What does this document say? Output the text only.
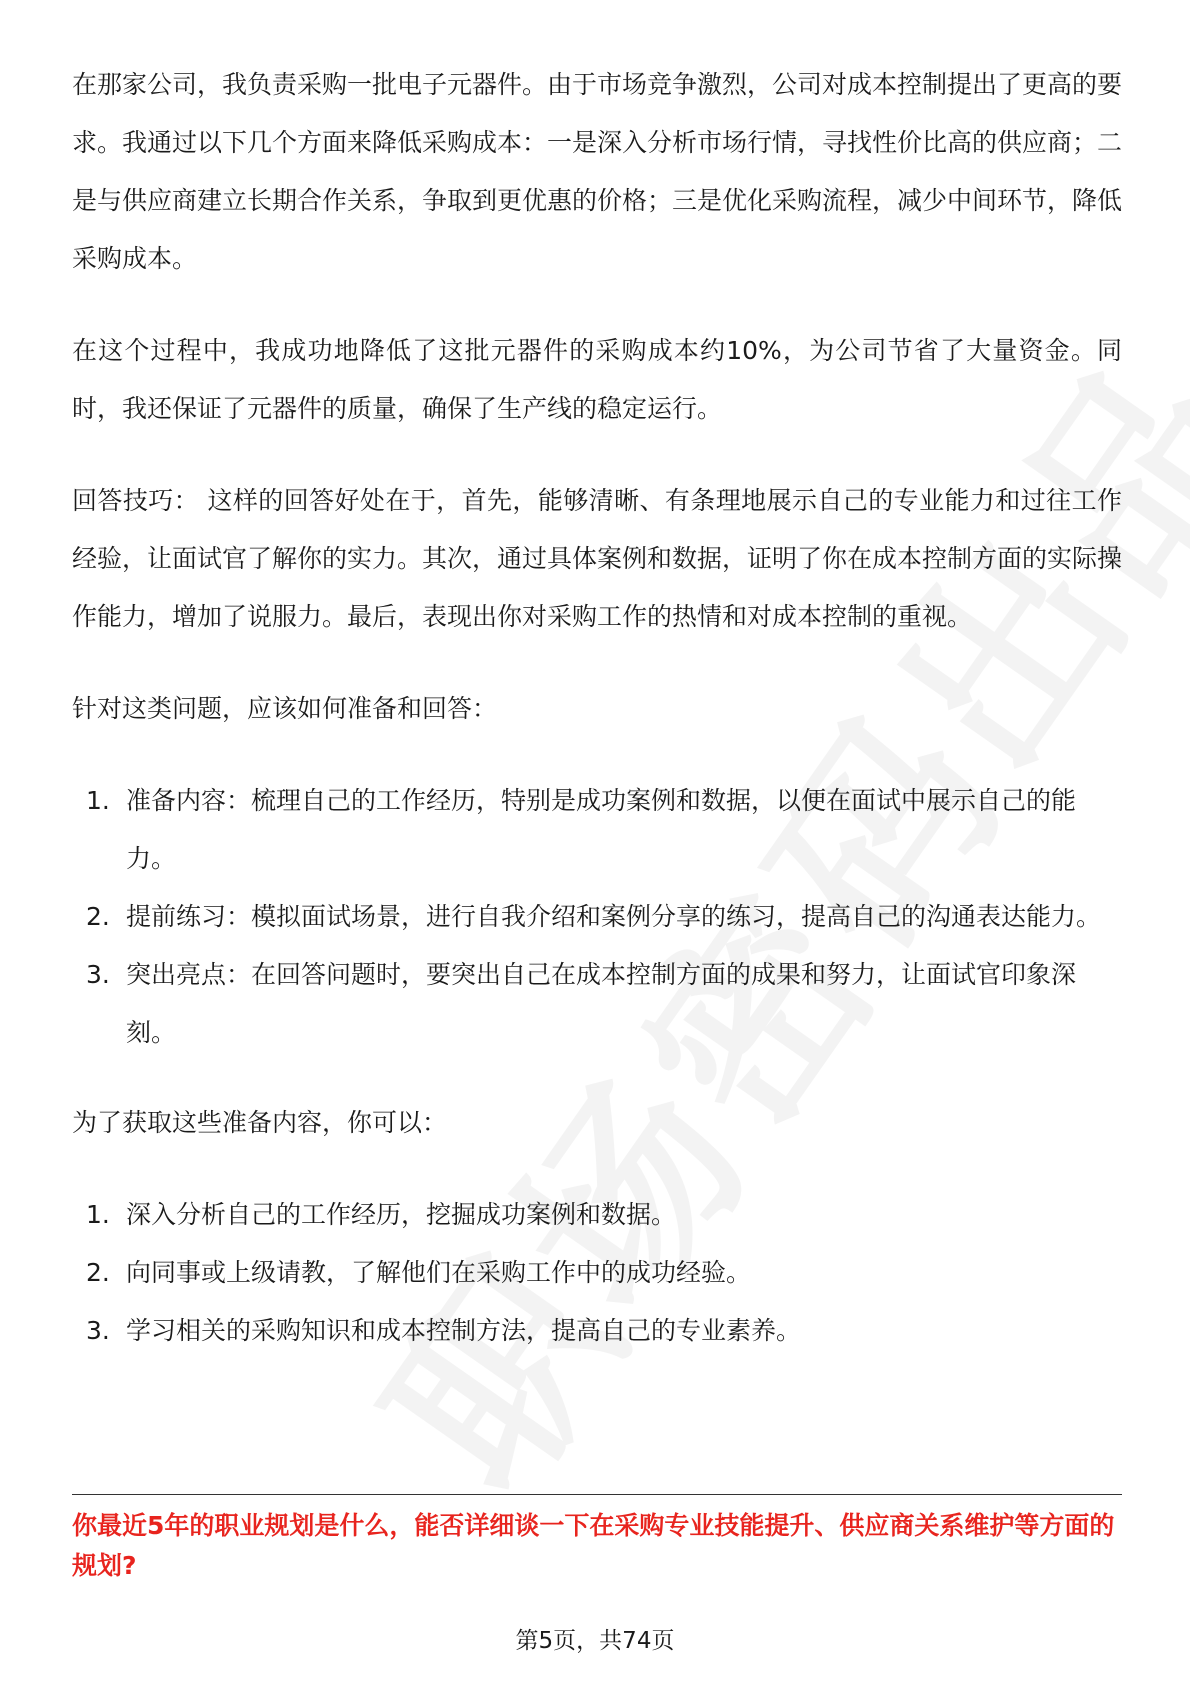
在那家公司，我负责采购一批电子元器件。由于市场竞争激烈，公司对成本控制提出了更高的要求。我通过以下几个方面来降低采购成本：一是深入分析市场行情，寻找性价比高的供应商；二是与供应商建立长期合作关系，争取到更优惠的价格；三是优化采购流程，减少中间环节，降低采购成本。

在这个过程中，我成功地降低了这批元器件的采购成本约10%，为公司节省了大量资金。同时，我还保证了元器件的质量，确保了生产线的稳定运行。

回答技巧： 这样的回答好处在于，首先，能够清晰、有条理地展示自己的专业能力和过往工作经验，让面试官了解你的实力。其次，通过具体案例和数据，证明了你在成本控制方面的实际操作能力，增加了说服力。最后，表现出你对采购工作的热情和对成本控制的重视。

针对这类问题，应该如何准备和回答：

1. 准备内容：梳理自己的工作经历，特别是成功案例和数据，以便在面试中展示自己的能力。
2. 提前练习：模拟面试场景，进行自我介绍和案例分享的练习，提高自己的沟通表达能力。
3. 突出亮点：在回答问题时，要突出自己在成本控制方面的成果和努力，让面试官印象深刻。

为了获取这些准备内容，你可以：

1. 深入分析自己的工作经历，挖掘成功案例和数据。
2. 向同事或上级请教，了解他们在采购工作中的成功经验。
3. 学习相关的采购知识和成本控制方法，提高自己的专业素养。
你最近5年的职业规划是什么，能否详细谈一下在采购专业技能提升、供应商关系维护等方面的规划?
第5页，共74页
